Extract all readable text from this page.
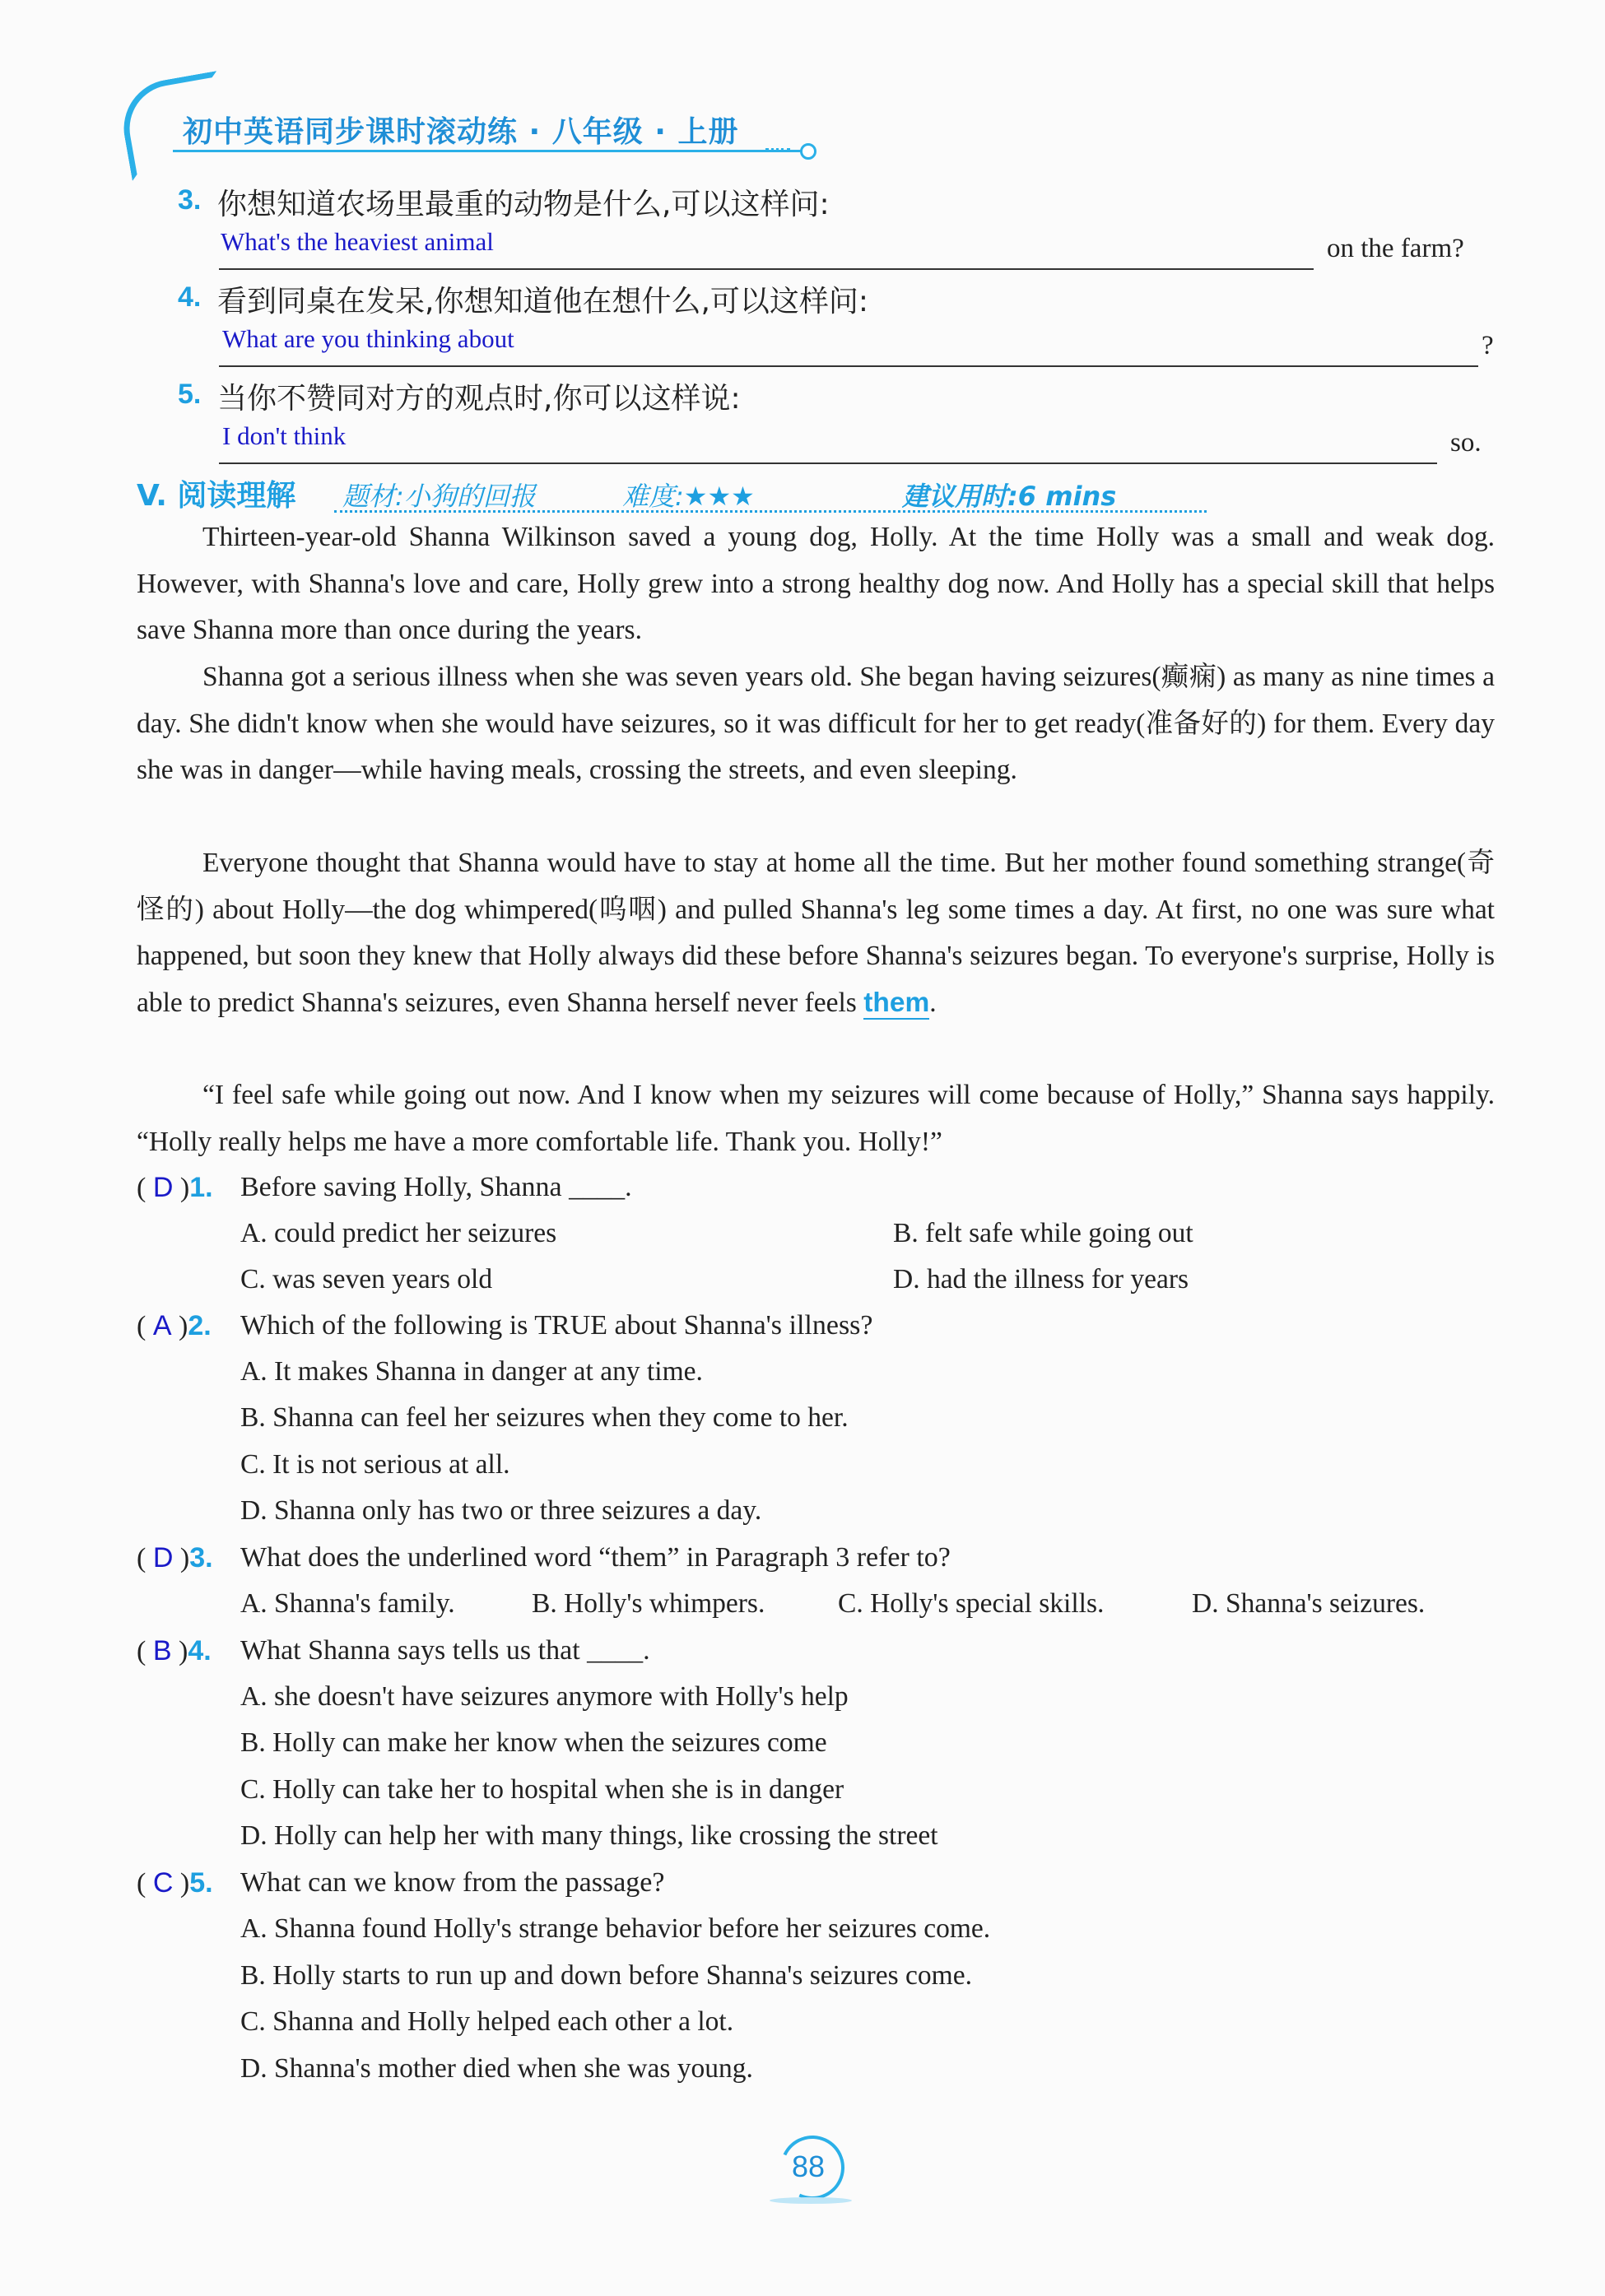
初中英语同步课时滚动练 · 八年级 · 上册
3. 你想知道农场里最重的动物是什么,可以这样问:
What's the heaviest animal	on the farm?
4. 看到同桌在发呆,你想知道他在想什么,可以这样问:
What are you thinking about	?
5. 当你不赞同对方的观点时,你可以这样说:
I don't think	so.
V. 阅读理解 题材:小狗的回报	难度:★★★	建议用时:6 mins
Thirteen-year-old Shanna Wilkinson saved a young dog, Holly. At the time Holly was a small and weak dog. However, with Shanna's love and care, Holly grew into a strong healthy dog now. And Holly has a special skill that helps save Shanna more than once during the years.
Shanna got a serious illness when she was seven years old. She began having seizures(癫痫) as many as nine times a day. She didn't know when she would have seizures, so it was difficult for her to get ready(准备好的) for them. Every day she was in danger—while having meals, crossing the streets, and even sleeping.
Everyone thought that Shanna would have to stay at home all the time. But her mother found something strange(奇怪的) about Holly—the dog whimpered(呜咽) and pulled Shanna's leg some times a day. At first, no one was sure what happened, but soon they knew that Holly always did these before Shanna's seizures began. To everyone's surprise, Holly is able to predict Shanna's seizures, even Shanna herself never feels them.
“I feel safe while going out now. And I know when my seizures will come because of Holly,” Shanna says happily. “Holly really helps me have a more comfortable life. Thank you. Holly!”
( D )1. Before saving Holly, Shanna ____.
A. could predict her seizures	B. felt safe while going out
C. was seven years old	D. had the illness for years
( A )2. Which of the following is TRUE about Shanna's illness?
A. It makes Shanna in danger at any time.
B. Shanna can feel her seizures when they come to her.
C. It is not serious at all.
D. Shanna only has two or three seizures a day.
( D )3. What does the underlined word “them” in Paragraph 3 refer to?
A. Shanna's family.	B. Holly's whimpers.	C. Holly's special skills.	D. Shanna's seizures.
( B )4. What Shanna says tells us that ____.
A. she doesn't have seizures anymore with Holly's help
B. Holly can make her know when the seizures come
C. Holly can take her to hospital when she is in danger
D. Holly can help her with many things, like crossing the street
( C )5. What can we know from the passage?
A. Shanna found Holly's strange behavior before her seizures come.
B. Holly starts to run up and down before Shanna's seizures come.
C. Shanna and Holly helped each other a lot.
D. Shanna's mother died when she was young.
88
